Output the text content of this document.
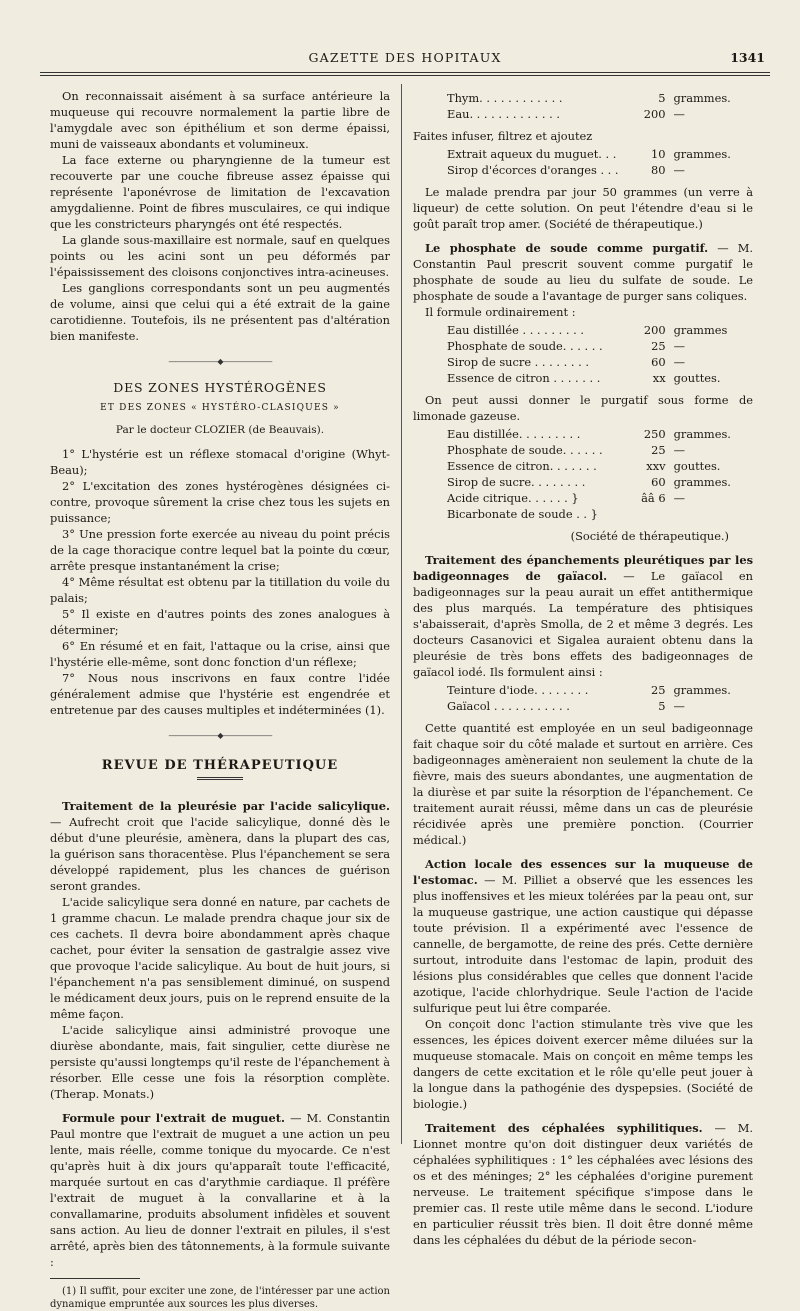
GAZETTE DES HOPITAUX	1341

On reconnaissait aisément à sa surface antérieure la muqueuse qui recouvre normalement la partie libre de l'amygdale avec son épithélium et son derme épaissi, muni de vaisseaux abondants et volumineux.

La face externe ou pharyngienne de la tumeur est recouverte par une couche fibreuse assez épaisse qui représente l'aponévrose de limitation de l'excavation amygdalienne. Point de fibres musculaires, ce qui indique que les constricteurs pharyngés ont été respectés.

La glande sous-maxillaire est normale, sauf en quelques points ou les acini sont un peu déformés par l'épaississement des cloisons conjonctives intra-acineuses.

Les ganglions correspondants sont un peu augmentés de volume, ainsi que celui qui a été extrait de la gaine carotidienne. Toutefois, ils ne présentent pas d'altération bien manifeste.

———————◆———————
DES ZONES HYSTÉROGÈNES
ET DES ZONES « HYSTÉRO-CLASIQUES »
Par le docteur CLOZIER (de Beauvais).

1° L'hystérie est un réflexe stomacal d'origine (Whyt-Beau);

2° L'excitation des zones hystérogènes désignées ci-contre, provoque sûrement la crise chez tous les sujets en puissance;

3° Une pression forte exercée au niveau du point précis de la cage thoracique contre lequel bat la pointe du cœur, arrête presque instantanément la crise;

4° Même résultat est obtenu par la titillation du voile du palais;

5° Il existe en d'autres points des zones analogues à déterminer;

6° En résumé et en fait, l'attaque ou la crise, ainsi que l'hystérie elle-même, sont donc fonction d'un réflexe;

7° Nous nous inscrivons en faux contre l'idée généralement admise que l'hystérie est engendrée et entretenue par des causes multiples et indéterminées (1).

———————◆———————
REVUE DE THÉRAPEUTIQUE

Traitement de la pleurésie par l'acide salicylique. — Aufrecht croit que l'acide salicylique, donné dès le début d'une pleurésie, amènera, dans la plupart des cas, la guérison sans thoracentèse. Plus l'épanchement se sera développé rapidement, plus les chances de guérison seront grandes.

L'acide salicylique sera donné en nature, par cachets de 1 gramme chacun. Le malade prendra chaque jour six de ces cachets. Il devra boire abondamment après chaque cachet, pour éviter la sensation de gastralgie assez vive que provoque l'acide salicylique. Au bout de huit jours, si l'épanchement n'a pas sensiblement diminué, on suspend le médicament deux jours, puis on le reprend ensuite de la même façon.

L'acide salicylique ainsi administré provoque une diurèse abondante, mais, fait singulier, cette diurèse ne persiste qu'aussi longtemps qu'il reste de l'épanchement à résorber. Elle cesse une fois la résorption complète. (Therap. Monats.)

Formule pour l'extrait de muguet. — M. Constantin Paul montre que l'extrait de muguet a une action un peu lente, mais réelle, comme tonique du myocarde. Ce n'est qu'après huit à dix jours qu'apparaît toute l'efficacité, marquée surtout en cas d'arythmie cardiaque. Il préfère l'extrait de muguet à la convallarine et à la convallamarine, produits absolument infidèles et souvent sans action. Au lieu de donner l'extrait en pilules, il s'est arrêté, après bien des tâtonnements, à la formule suivante :

(1) Il suffit, pour exciter une zone, de l'intéresser par une action dynamique empruntée aux sources les plus diverses.

Thym. . . . . . . . . . . .	5	grammes.
Eau. . . . . . . . . . . . .	200	—

Faites infuser, filtrez et ajoutez

Extrait aqueux du muguet. . .	10	grammes.
Sirop d'écorces d'oranges . . .	80	—

Le malade prendra par jour 50 grammes (un verre à liqueur) de cette solution. On peut l'étendre d'eau si le goût paraît trop amer. (Société de thérapeutique.)

Le phosphate de soude comme purgatif. — M. Constantin Paul prescrit souvent comme purgatif le phosphate de soude au lieu du sulfate de soude. Le phosphate de soude a l'avantage de purger sans coliques.

Il formule ordinairement :

Eau distillée . . . . . . . . .	200	grammes
Phosphate de soude. . . . . .	25	—
Sirop de sucre . . . . . . . .	60	—
Essence de citron . . . . . . .	xx	gouttes.

On peut aussi donner le purgatif sous forme de limonade gazeuse.

Eau distillée. . . . . . . . .	250	grammes.
Phosphate de soude. . . . . .	25	—
Essence de citron. . . . . . .	xxv	gouttes.
Sirop de sucre. . . . . . . .	60	grammes.
Acide citrique. . . . . . }	ââ 6	—
Bicarbonate de soude . . }		

(Société de thérapeutique.)

Traitement des épanchements pleurétiques par les badigeonnages de gaïacol. — Le gaïacol en badigeonnages sur la peau aurait un effet antithermique des plus marqués. La température des phtisiques s'abaisserait, d'après Smolla, de 2 et même 3 degrés. Les docteurs Casanovici et Sigalea auraient obtenu dans la pleurésie de très bons effets des badigeonnages de gaïacol iodé. Ils formulent ainsi :

Teinture d'iode. . . . . . . .	25	grammes.
Gaïacol . . . . . . . . . . .	5	—

Cette quantité est employée en un seul badigeonnage fait chaque soir du côté malade et surtout en arrière. Ces badigeonnages amèneraient non seulement la chute de la fièvre, mais des sueurs abondantes, une augmentation de la diurèse et par suite la résorption de l'épanchement. Ce traitement aurait réussi, même dans un cas de pleurésie récidivée après une première ponction. (Courrier médical.)

Action locale des essences sur la muqueuse de l'estomac. — M. Pilliet a observé que les essences les plus inoffensives et les mieux tolérées par la peau ont, sur la muqueuse gastrique, une action caustique qui dépasse toute prévision. Il a expérimenté avec l'essence de cannelle, de bergamotte, de reine des prés. Cette dernière surtout, introduite dans l'estomac de lapin, produit des lésions plus considérables que celles que donnent l'acide azotique, l'acide chlorhydrique. Seule l'action de l'acide sulfurique peut lui être comparée.

On conçoit donc l'action stimulante très vive que les essences, les épices doivent exercer même diluées sur la muqueuse stomacale. Mais on conçoit en même temps les dangers de cette excitation et le rôle qu'elle peut jouer à la longue dans la pathogénie des dyspepsies. (Société de biologie.)

Traitement des céphalées syphilitiques. — M. Lionnet montre qu'on doit distinguer deux variétés de céphalées syphilitiques : 1° les céphalées avec lésions des os et des méninges; 2° les céphalées d'origine purement nerveuse. Le traitement spécifique s'impose dans le premier cas. Il reste utile même dans le second. L'iodure en particulier réussit très bien. Il doit être donné même dans les céphalées du début de la période secon-
